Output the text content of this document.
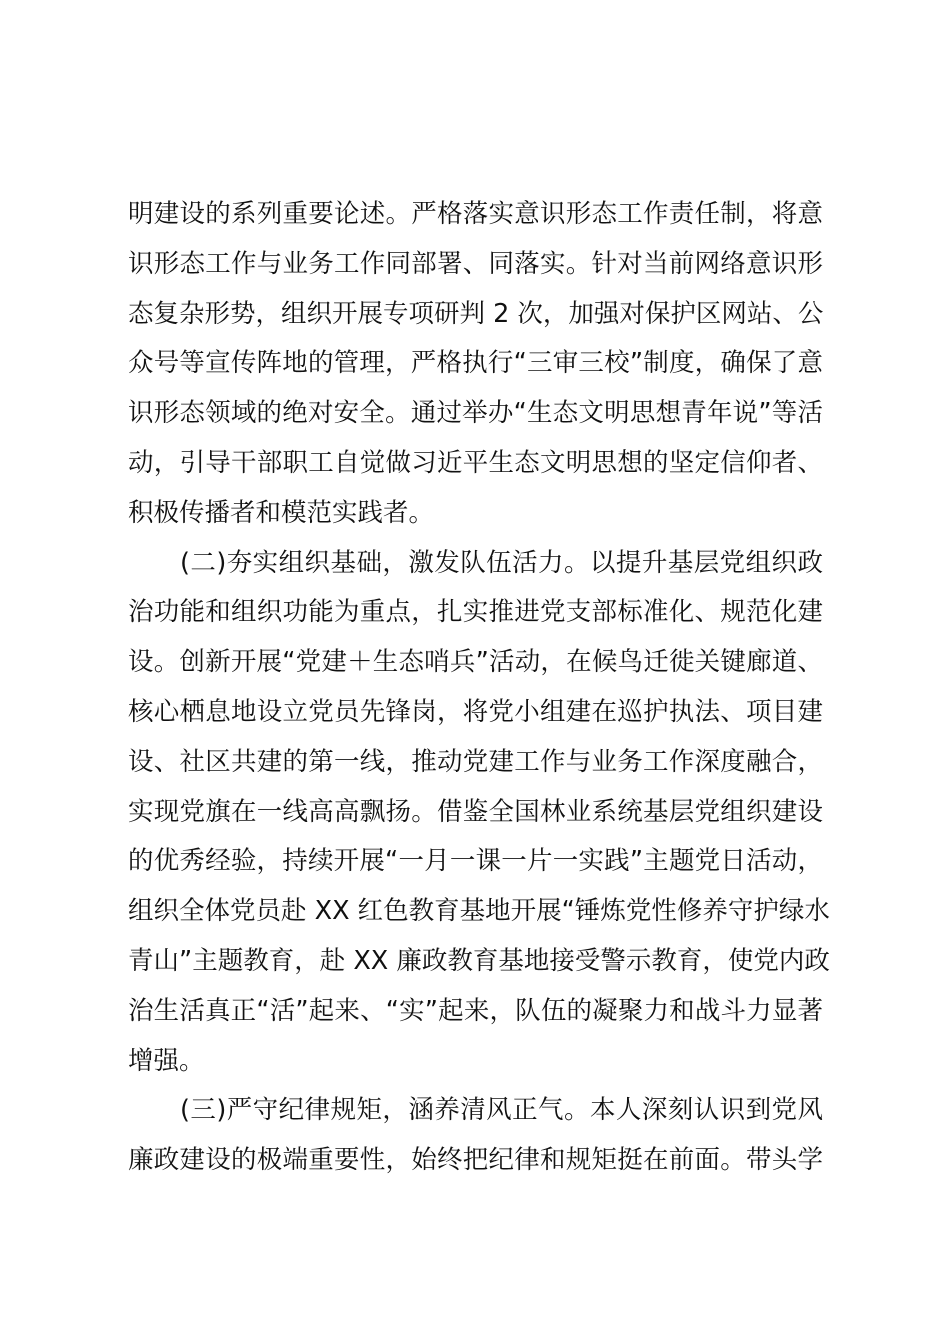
明建设的系列重要论述。严格落实意识形态工作责任制，将意
识形态工作与业务工作同部署、同落实。针对当前网络意识形
态复杂形势，组织开展专项研判 2 次，加强对保护区网站、公
众号等宣传阵地的管理，严格执行“三审三校”制度，确保了意
识形态领域的绝对安全。通过举办“生态文明思想青年说”等活
动，引导干部职工自觉做习近平生态文明思想的坚定信仰者、
积极传播者和模范实践者。
(二)夯实组织基础，激发队伍活力。以提升基层党组织政
治功能和组织功能为重点，扎实推进党支部标准化、规范化建
设。创新开展“党建＋生态哨兵”活动，在候鸟迁徙关键廊道、
核心栖息地设立党员先锋岗，将党小组建在巡护执法、项目建
设、社区共建的第一线，推动党建工作与业务工作深度融合，
实现党旗在一线高高飘扬。借鉴全国林业系统基层党组织建设
的优秀经验，持续开展“一月一课一片一实践”主题党日活动，
组织全体党员赴 XX 红色教育基地开展“锤炼党性修养守护绿水
青山”主题教育，赴 XX 廉政教育基地接受警示教育，使党内政
治生活真正“活”起来、“实”起来，队伍的凝聚力和战斗力显著
增强。
(三)严守纪律规矩，涵养清风正气。本人深刻认识到党风
廉政建设的极端重要性，始终把纪律和规矩挺在前面。带头学
